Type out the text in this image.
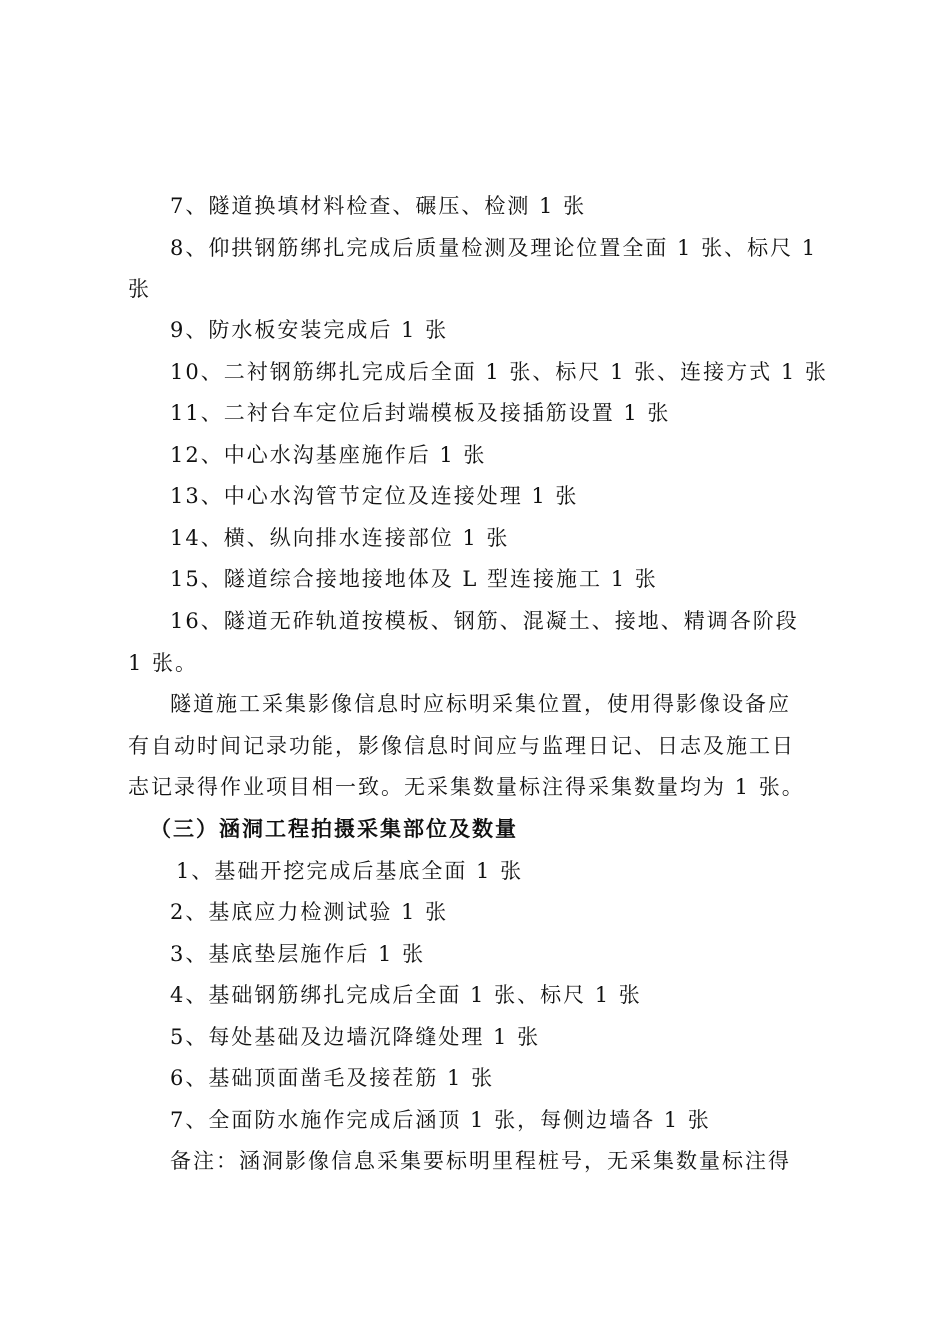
7、隧道换填材料检查、碾压、检测 1 张
8、仰拱钢筋绑扎完成后质量检测及理论位置全面 1 张、标尺 1
张
9、防水板安装完成后 1 张
10、二衬钢筋绑扎完成后全面 1 张、标尺 1 张、连接方式 1 张
11、二衬台车定位后封端模板及接插筋设置 1 张
12、中心水沟基座施作后 1 张
13、中心水沟管节定位及连接处理 1 张
14、横、纵向排水连接部位 1 张
15、隧道综合接地接地体及 L 型连接施工 1 张
16、隧道无砟轨道按模板、钢筋、混凝土、接地、精调各阶段
1 张。
隧道施工采集影像信息时应标明采集位置，使用得影像设备应
有自动时间记录功能，影像信息时间应与监理日记、日志及施工日
志记录得作业项目相一致。无采集数量标注得采集数量均为 1 张。
（三）涵洞工程拍摄采集部位及数量
1、基础开挖完成后基底全面 1 张
2、基底应力检测试验 1 张
3、基底垫层施作后 1 张
4、基础钢筋绑扎完成后全面 1 张、标尺 1 张
5、每处基础及边墙沉降缝处理 1 张
6、基础顶面凿毛及接茬筋 1 张
7、全面防水施作完成后涵顶 1 张，每侧边墙各 1 张
备注：涵洞影像信息采集要标明里程桩号，无采集数量标注得
